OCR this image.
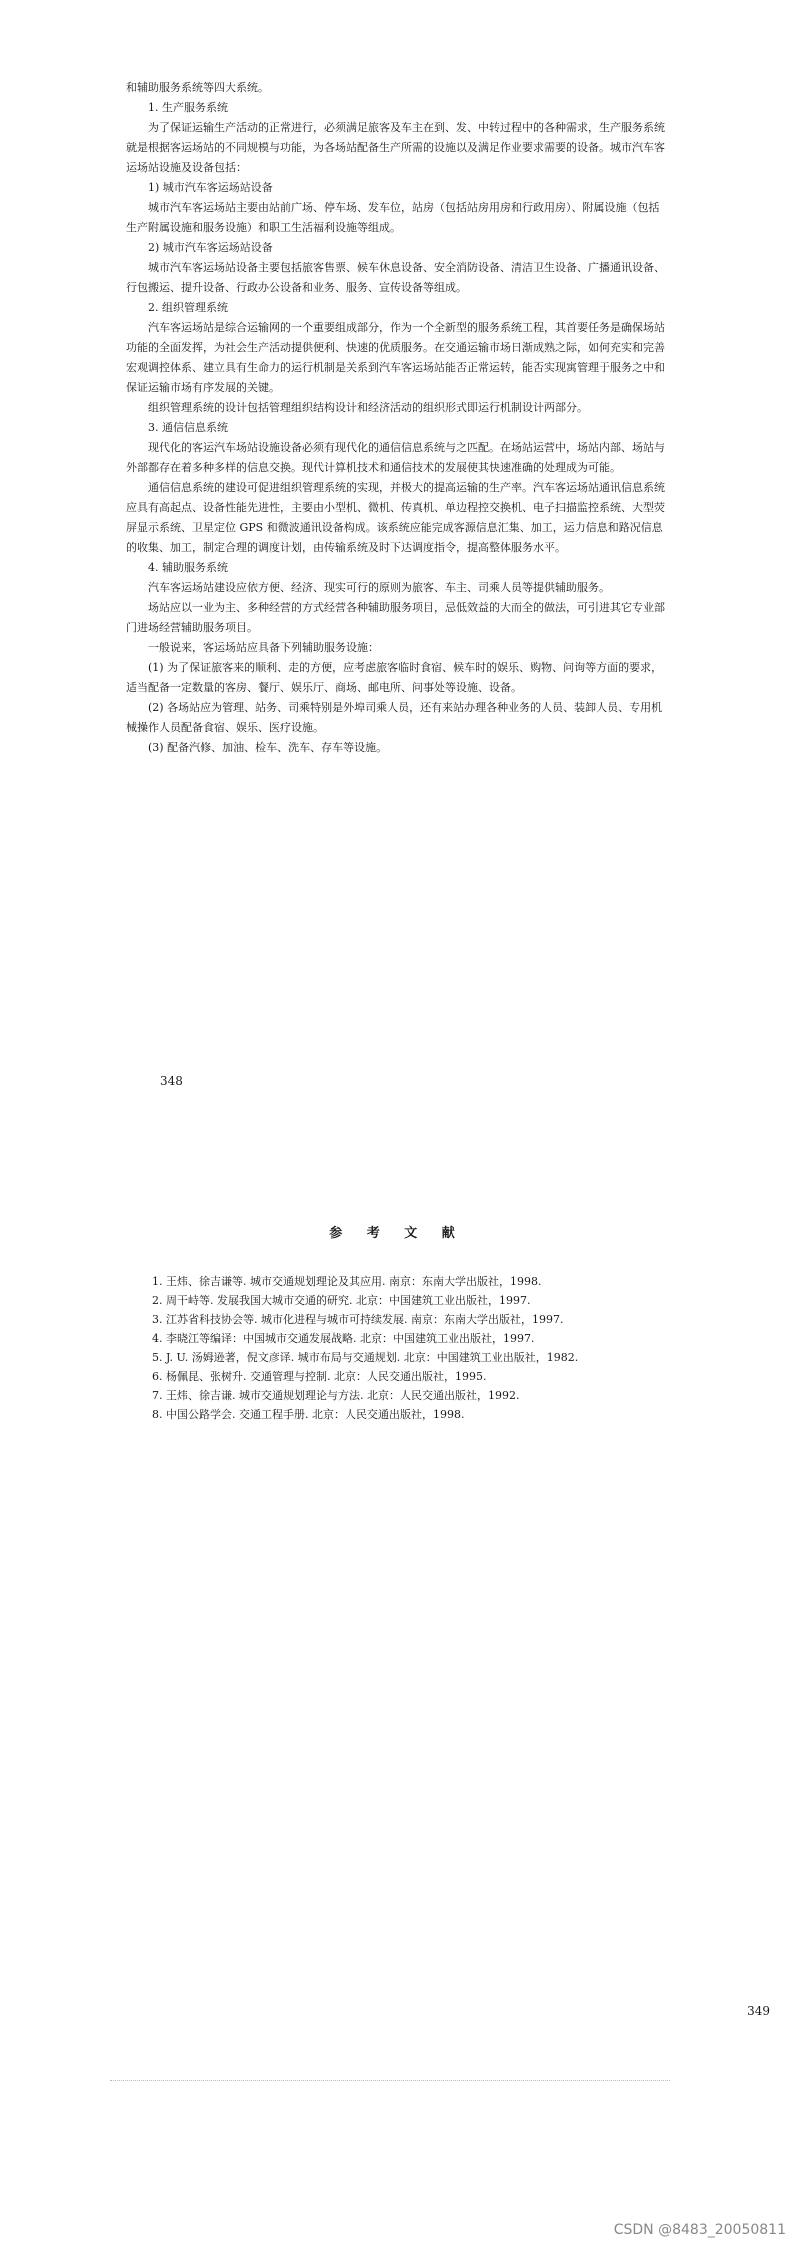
和辅助服务系统等四大系统。

1. 生产服务系统

为了保证运输生产活动的正常进行，必须满足旅客及车主在到、发、中转过程中的各种需求，生产服务系统就是根据客运场站的不同规模与功能，为各场站配备生产所需的设施以及满足作业要求需要的设备。城市汽车客运场站设施及设备包括：

1) 城市汽车客运场站设备

城市汽车客运场站主要由站前广场、停车场、发车位，站房（包括站房用房和行政用房）、附属设施（包括生产附属设施和服务设施）和职工生活福利设施等组成。

2) 城市汽车客运场站设备

城市汽车客运场站设备主要包括旅客售票、候车休息设备、安全消防设备、清洁卫生设备、广播通讯设备、行包搬运、提升设备、行政办公设备和业务、服务、宣传设备等组成。

2. 组织管理系统

汽车客运场站是综合运输网的一个重要组成部分，作为一个全新型的服务系统工程，其首要任务是确保场站功能的全面发挥，为社会生产活动提供便利、快速的优质服务。在交通运输市场日渐成熟之际，如何充实和完善宏观调控体系、建立具有生命力的运行机制是关系到汽车客运场站能否正常运转，能否实现寓管理于服务之中和保证运输市场有序发展的关键。

组织管理系统的设计包括管理组织结构设计和经济活动的组织形式即运行机制设计两部分。

3. 通信信息系统

现代化的客运汽车场站设施设备必须有现代化的通信信息系统与之匹配。在场站运营中，场站内部、场站与外部都存在着多种多样的信息交换。现代计算机技术和通信技术的发展使其快速准确的处理成为可能。

通信信息系统的建设可促进组织管理系统的实现，并极大的提高运输的生产率。汽车客运场站通讯信息系统应具有高起点、设备性能先进性，主要由小型机、微机、传真机、单边程控交换机、电子扫描监控系统、大型荧屏显示系统、卫星定位 GPS 和微波通讯设备构成。该系统应能完成客源信息汇集、加工，运力信息和路况信息的收集、加工，制定合理的调度计划，由传输系统及时下达调度指令，提高整体服务水平。

4. 辅助服务系统

汽车客运场站建设应依方便、经济、现实可行的原则为旅客、车主、司乘人员等提供辅助服务。

场站应以一业为主、多种经营的方式经营各种辅助服务项目，忌低效益的大而全的做法，可引进其它专业部门进场经营辅助服务项目。

一般说来，客运场站应具备下列辅助服务设施：

(1) 为了保证旅客来的顺利、走的方便，应考虑旅客临时食宿、候车时的娱乐、购物、问询等方面的要求，适当配备一定数量的客房、餐厅、娱乐厅、商场、邮电所、问事处等设施、设备。

(2) 各场站应为管理、站务、司乘特别是外埠司乘人员，还有来站办理各种业务的人员、装卸人员、专用机械操作人员配备食宿、娱乐、医疗设施。

(3) 配备汽修、加油、检车、洗车、存车等设施。

348
参 考 文 献

1. 王炜、徐吉谦等. 城市交通规划理论及其应用. 南京：东南大学出版社，1998.

2. 周干峙等. 发展我国大城市交通的研究. 北京：中国建筑工业出版社，1997.

3. 江苏省科技协会等. 城市化进程与城市可持续发展. 南京：东南大学出版社，1997.

4. 李晓江等编译：中国城市交通发展战略. 北京：中国建筑工业出版社，1997.

5. J. U. 汤姆逊著，倪文彦译. 城市布局与交通规划. 北京：中国建筑工业出版社，1982.

6. 杨佩昆、张树升. 交通管理与控制. 北京：人民交通出版社，1995.

7. 王炜、徐吉谦. 城市交通规划理论与方法. 北京：人民交通出版社，1992.

8. 中国公路学会. 交通工程手册. 北京：人民交通出版社，1998.

349
CSDN @8483_20050811
